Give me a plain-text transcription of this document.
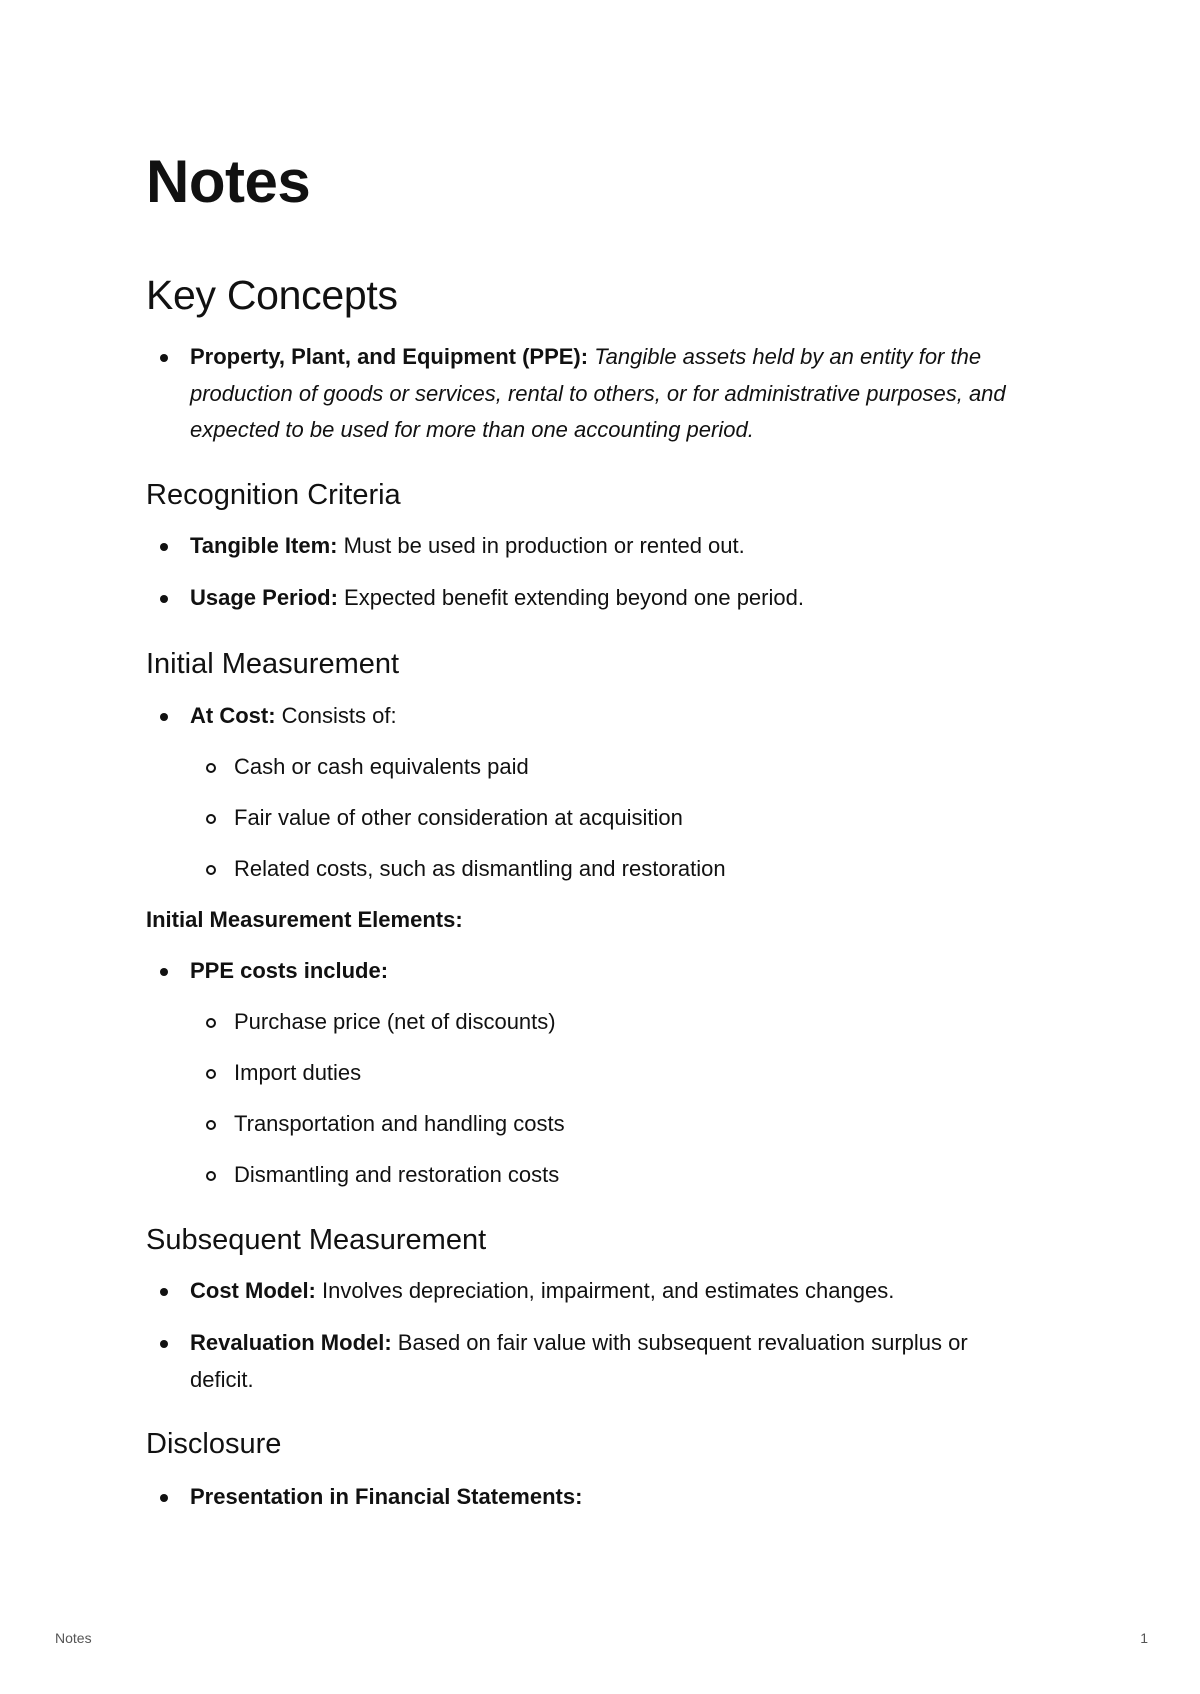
Notes
Key Concepts
Property, Plant, and Equipment (PPE): Tangible assets held by an entity for the production of goods or services, rental to others, or for administrative purposes, and expected to be used for more than one accounting period.
Recognition Criteria
Tangible Item: Must be used in production or rented out.
Usage Period: Expected benefit extending beyond one period.
Initial Measurement
At Cost: Consists of:
Cash or cash equivalents paid
Fair value of other consideration at acquisition
Related costs, such as dismantling and restoration
Initial Measurement Elements:
PPE costs include:
Purchase price (net of discounts)
Import duties
Transportation and handling costs
Dismantling and restoration costs
Subsequent Measurement
Cost Model: Involves depreciation, impairment, and estimates changes.
Revaluation Model: Based on fair value with subsequent revaluation surplus or deficit.
Disclosure
Presentation in Financial Statements:
Notes	1
